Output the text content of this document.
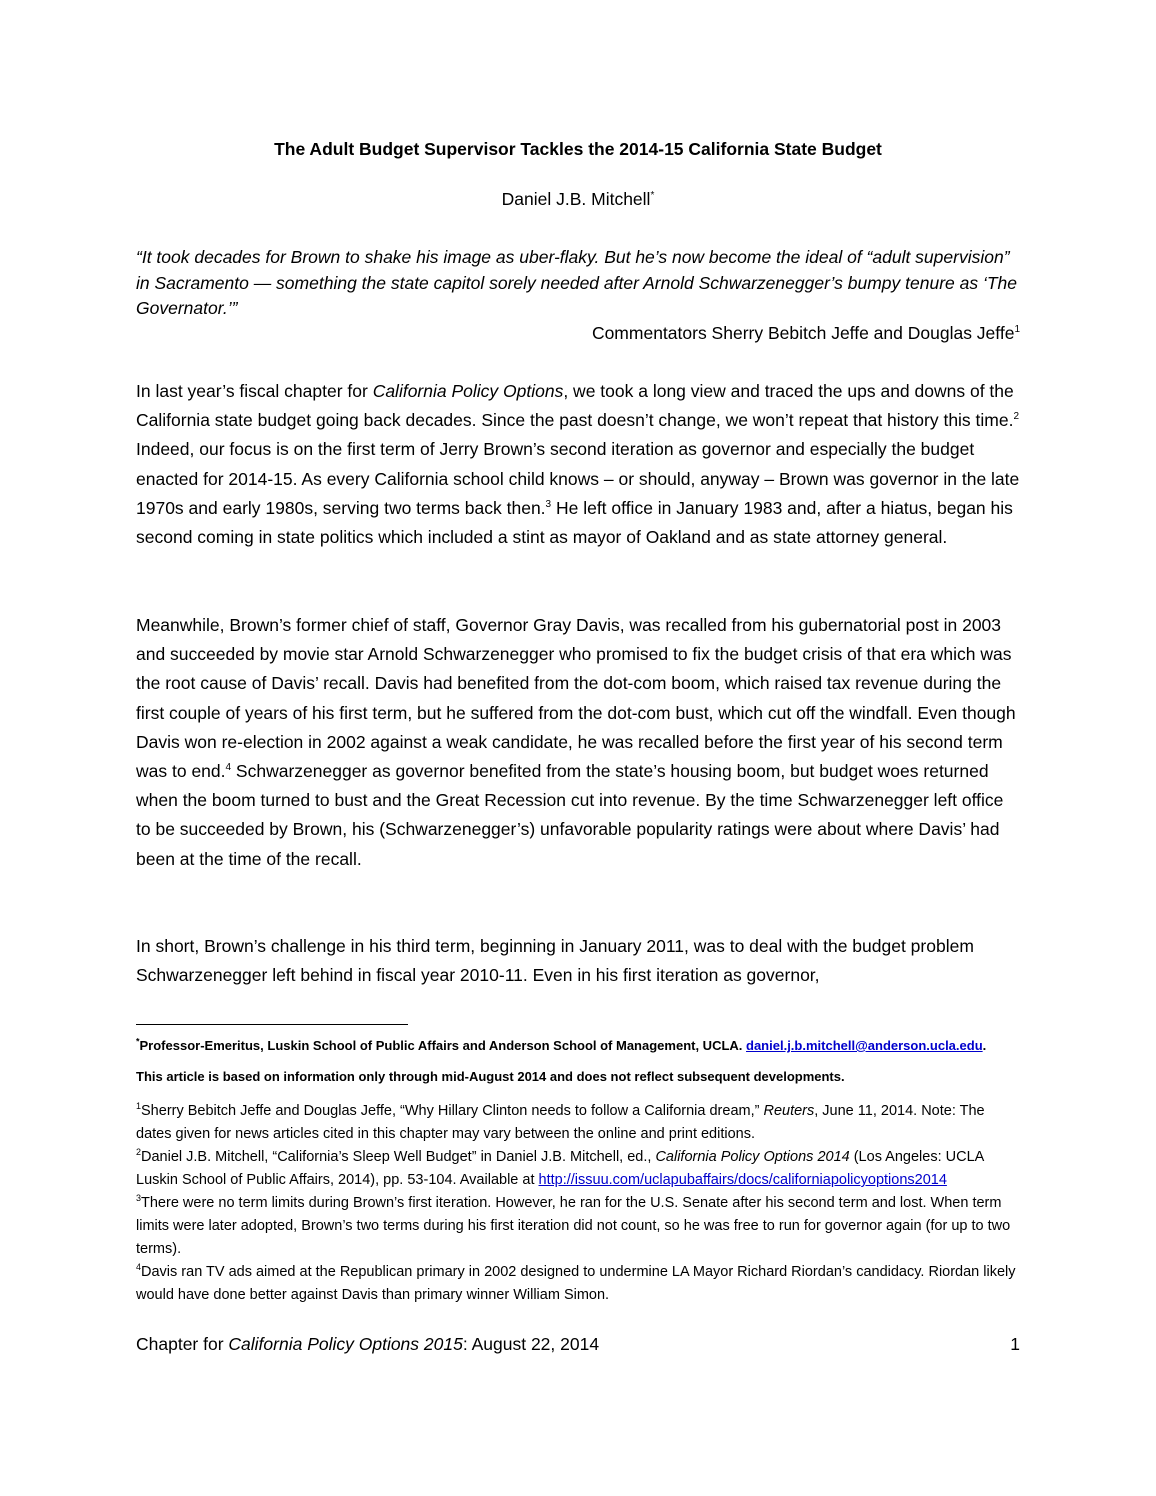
The Adult Budget Supervisor Tackles the 2014-15 California State Budget
Daniel J.B. Mitchell*
“It took decades for Brown to shake his image as uber-flaky. But he’s now become the ideal of “adult supervision” in Sacramento — something the state capitol sorely needed after Arnold Schwarzenegger’s bumpy tenure as ‘The Governator.’”
Commentators Sherry Bebitch Jeffe and Douglas Jeffe$^1$

In last year’s fiscal chapter for California Policy Options, we took a long view and traced the ups and downs of the California state budget going back decades. Since the past doesn’t change, we won’t repeat that history this time.$^2$ Indeed, our focus is on the first term of Jerry Brown’s second iteration as governor and especially the budget enacted for 2014-15. As every California school child knows – or should, anyway – Brown was governor in the late 1970s and early 1980s, serving two terms back then.$^3$ He left office in January 1983 and, after a hiatus, began his second coming in state politics which included a stint as mayor of Oakland and as state attorney general.

Meanwhile, Brown’s former chief of staff, Governor Gray Davis, was recalled from his gubernatorial post in 2003 and succeeded by movie star Arnold Schwarzenegger who promised to fix the budget crisis of that era which was the root cause of Davis’ recall. Davis had benefited from the dot-com boom, which raised tax revenue during the first couple of years of his first term, but he suffered from the dot-com bust, which cut off the windfall. Even though Davis won re-election in 2002 against a weak candidate, he was recalled before the first year of his second term was to end.$^4$ Schwarzenegger as governor benefited from the state’s housing boom, but budget woes returned when the boom turned to bust and the Great Recession cut into revenue. By the time Schwarzenegger left office to be succeeded by Brown, his (Schwarzenegger’s) unfavorable popularity ratings were about where Davis’ had been at the time of the recall.

In short, Brown’s challenge in his third term, beginning in January 2011, was to deal with the budget problem Schwarzenegger left behind in fiscal year 2010-11. Even in his first iteration as governor,

*Professor-Emeritus, Luskin School of Public Affairs and Anderson School of Management, UCLA. daniel.j.b.mitchell@anderson.ucla.edu.

This article is based on information only through mid-August 2014 and does not reflect subsequent developments.

$^1$Sherry Bebitch Jeffe and Douglas Jeffe, “Why Hillary Clinton needs to follow a California dream,” Reuters, June 11, 2014. Note: The dates given for news articles cited in this chapter may vary between the online and print editions.
$^2$Daniel J.B. Mitchell, “California’s Sleep Well Budget” in Daniel J.B. Mitchell, ed., California Policy Options 2014 (Los Angeles: UCLA Luskin School of Public Affairs, 2014), pp. 53-104. Available at http://issuu.com/uclapubaffairs/docs/californiapolicyoptions2014
$^3$There were no term limits during Brown’s first iteration. However, he ran for the U.S. Senate after his second term and lost. When term limits were later adopted, Brown’s two terms during his first iteration did not count, so he was free to run for governor again (for up to two terms).
$^4$Davis ran TV ads aimed at the Republican primary in 2002 designed to undermine LA Mayor Richard Riordan’s candidacy. Riordan likely would have done better against Davis than primary winner William Simon.
Chapter for California Policy Options 2015: August 22, 2014	1
